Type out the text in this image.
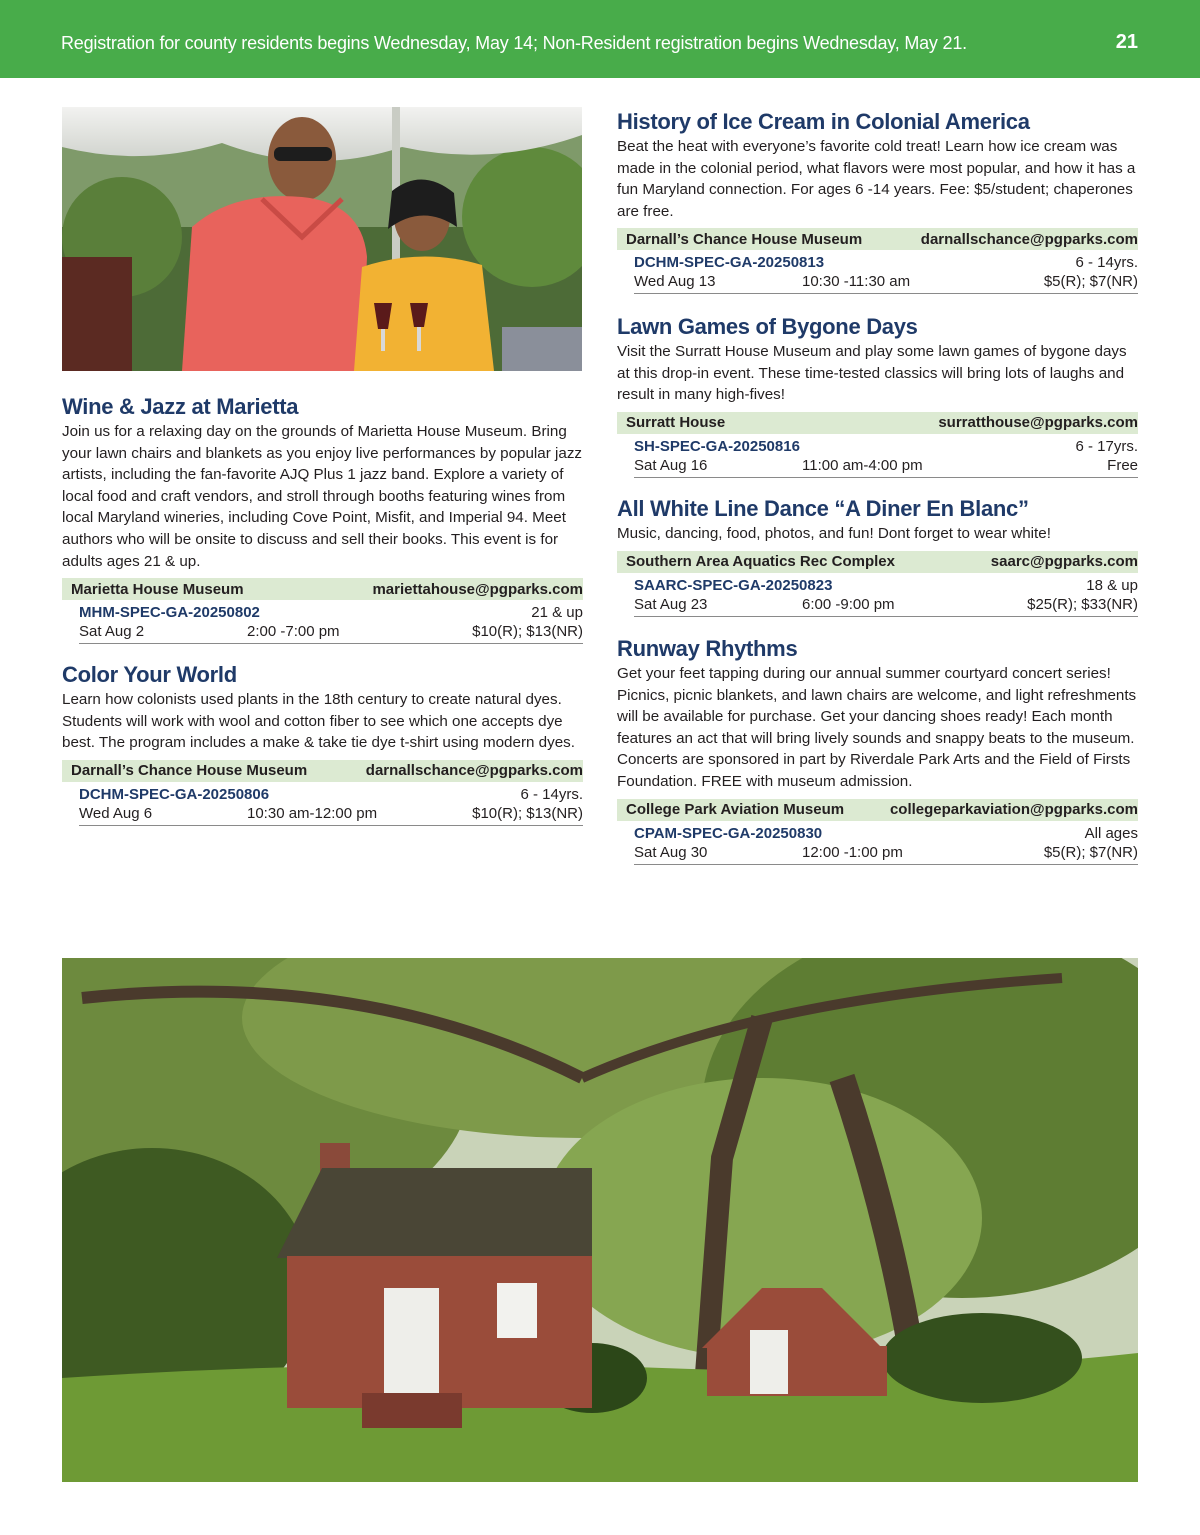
Registration for county residents begins Wednesday, May 14; Non-Resident registration begins Wednesday, May 21.	21
Wine & Jazz at Marietta

Join us for a relaxing day on the grounds of Marietta House Museum. Bring your lawn chairs and blankets as you enjoy live performances by popular jazz artists, including the fan-favorite AJQ Plus 1 jazz band. Explore a variety of local food and craft vendors, and stroll through booths featuring wines from local Maryland wineries, including Cove Point, Misfit, and Imperial 94. Meet authors who will be onsite to discuss and sell their books. This event is for adults ages 21 & up.

Marietta House Museum	mariettahouse@pgparks.com
MHM-SPEC-GA-20250802	21 & up
Sat Aug 2	2:00 -7:00 pm	$10(R); $13(NR)
Color Your World

Learn how colonists used plants in the 18th century to create natural dyes. Students will work with wool and cotton fiber to see which one accepts dye best. The program includes a make & take tie dye t-shirt using modern dyes.

Darnall’s Chance House Museum	darnallschance@pgparks.com
DCHM-SPEC-GA-20250806	6 - 14yrs.
Wed Aug 6	10:30 am-12:00 pm	$10(R); $13(NR)
History of Ice Cream in Colonial America

Beat the heat with everyone’s favorite cold treat! Learn how ice cream was made in the colonial period, what flavors were most popular, and how it has a fun Maryland connection. For ages 6 -14 years. Fee: $5/student; chaperones are free.

Darnall’s Chance House Museum	darnallschance@pgparks.com
DCHM-SPEC-GA-20250813	6 - 14yrs.
Wed Aug 13	10:30 -11:30 am	$5(R); $7(NR)
Lawn Games of Bygone Days

Visit the Surratt House Museum and play some lawn games of bygone days at this drop-in event. These time-tested classics will bring lots of laughs and result in many high-fives!

Surratt House	surratthouse@pgparks.com
SH-SPEC-GA-20250816	6 - 17yrs.
Sat Aug 16	11:00 am-4:00 pm	Free
All White Line Dance “A Diner En Blanc”

Music, dancing, food, photos, and fun! Dont forget to wear white!

Southern Area Aquatics Rec Complex	saarc@pgparks.com
SAARC-SPEC-GA-20250823	18 & up
Sat Aug 23	6:00 -9:00 pm	$25(R); $33(NR)
Runway Rhythms

Get your feet tapping during our annual summer courtyard concert series! Picnics, picnic blankets, and lawn chairs are welcome, and light refreshments will be available for purchase. Get your dancing shoes ready! Each month features an act that will bring lively sounds and snappy beats to the museum. Concerts are sponsored in part by Riverdale Park Arts and the Field of Firsts Foundation. FREE with museum admission.

College Park Aviation Museum	collegeparkaviation@pgparks.com
CPAM-SPEC-GA-20250830	All ages
Sat Aug 30	12:00 -1:00 pm	$5(R); $7(NR)
